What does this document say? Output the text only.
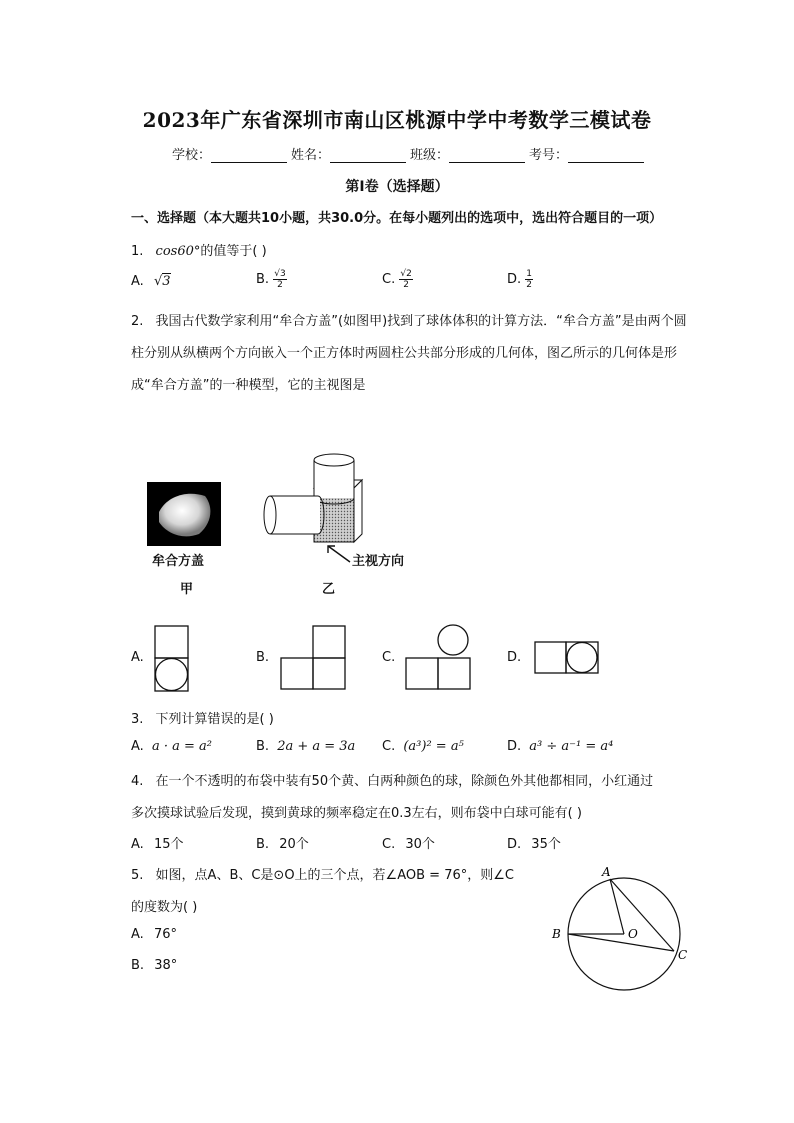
2023年广东省深圳市南山区桃源中学中考数学三模试卷
学校：	姓名：	班级：	考号：
第Ⅰ卷（选择题）
一、选择题（本大题共10小题，共30.0分。在每小题列出的选项中，选出符合题目的一项）
1. cos60°的值等于( )
A. √3	B. $\frac{√3}{2}$	C. $\frac{√2}{2}$	D. $\frac{1}{2}$
2. 我国古代数学家利用“牟合方盖”(如图甲)找到了球体体积的计算方法．“牟合方盖”是由两个圆柱分别从纵横两个方向嵌入一个正方体时两圆柱公共部分形成的几何体，图乙所示的几何体是形成“牟合方盖”的一种模型，它的主视图是
牟合方盖
甲
主视方向
乙
A.	B.	C.	D.
3. 下列计算错误的是( )
A. a · a = a²	B. 2a + a = 3a C. (a³)² = a⁵	D. a³ ÷ a⁻¹ = a⁴
4. 在一个不透明的布袋中装有50个黄、白两种颜色的球，除颜色外其他都相同，小红通过
多次摸球试验后发现，摸到黄球的频率稳定在0.3左右，则布袋中白球可能有( )
A. 15个	B. 20个	C. 30个	D. 35个
5. 如图，点A、B、C是⊙O上的三个点，若∠AOB = 76°，则∠C
的度数为( )
A. 76°
B. 38°
A
B	O
C
